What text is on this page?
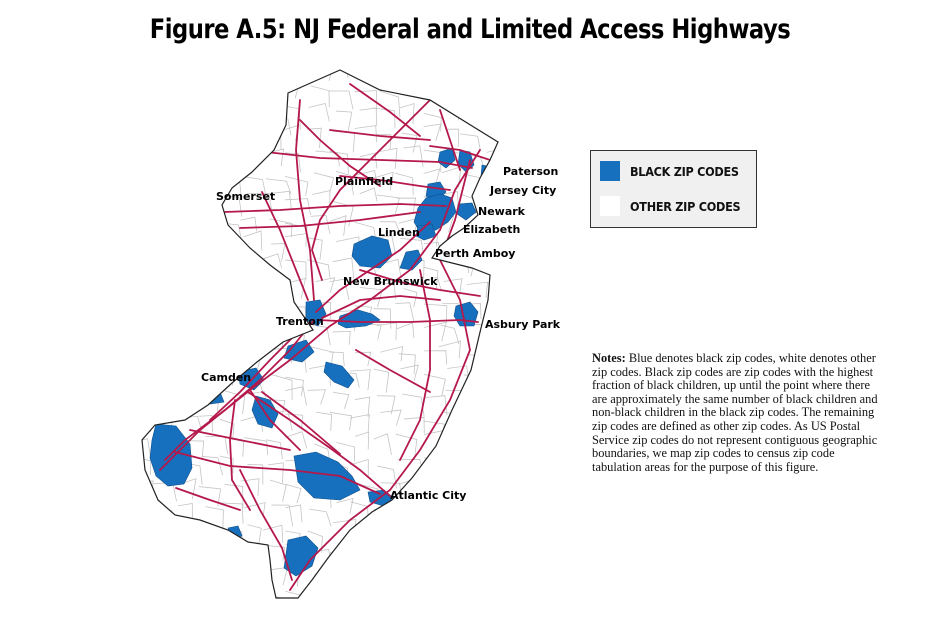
Figure A.5: NJ Federal and Limited Access Highways
Paterson
Jersey City
Plainfield
Somerset
Newark
Elizabeth
Linden
Perth Amboy
New Brunswick
Trenton	Asbury Park
Camden
Atlantic City
BLACK ZIP CODES
OTHER ZIP CODES
Notes: Blue denotes black zip codes, white denotes other zip codes. Black zip codes are zip codes with the highest fraction of black children, up until the point where there are approximately the same number of black children and non-black children in the black zip codes. The remaining zip codes are defined as other zip codes. As US Postal Service zip codes do not represent contiguous geographic boundaries, we map zip codes to census zip code tabulation areas for the purpose of this figure.
